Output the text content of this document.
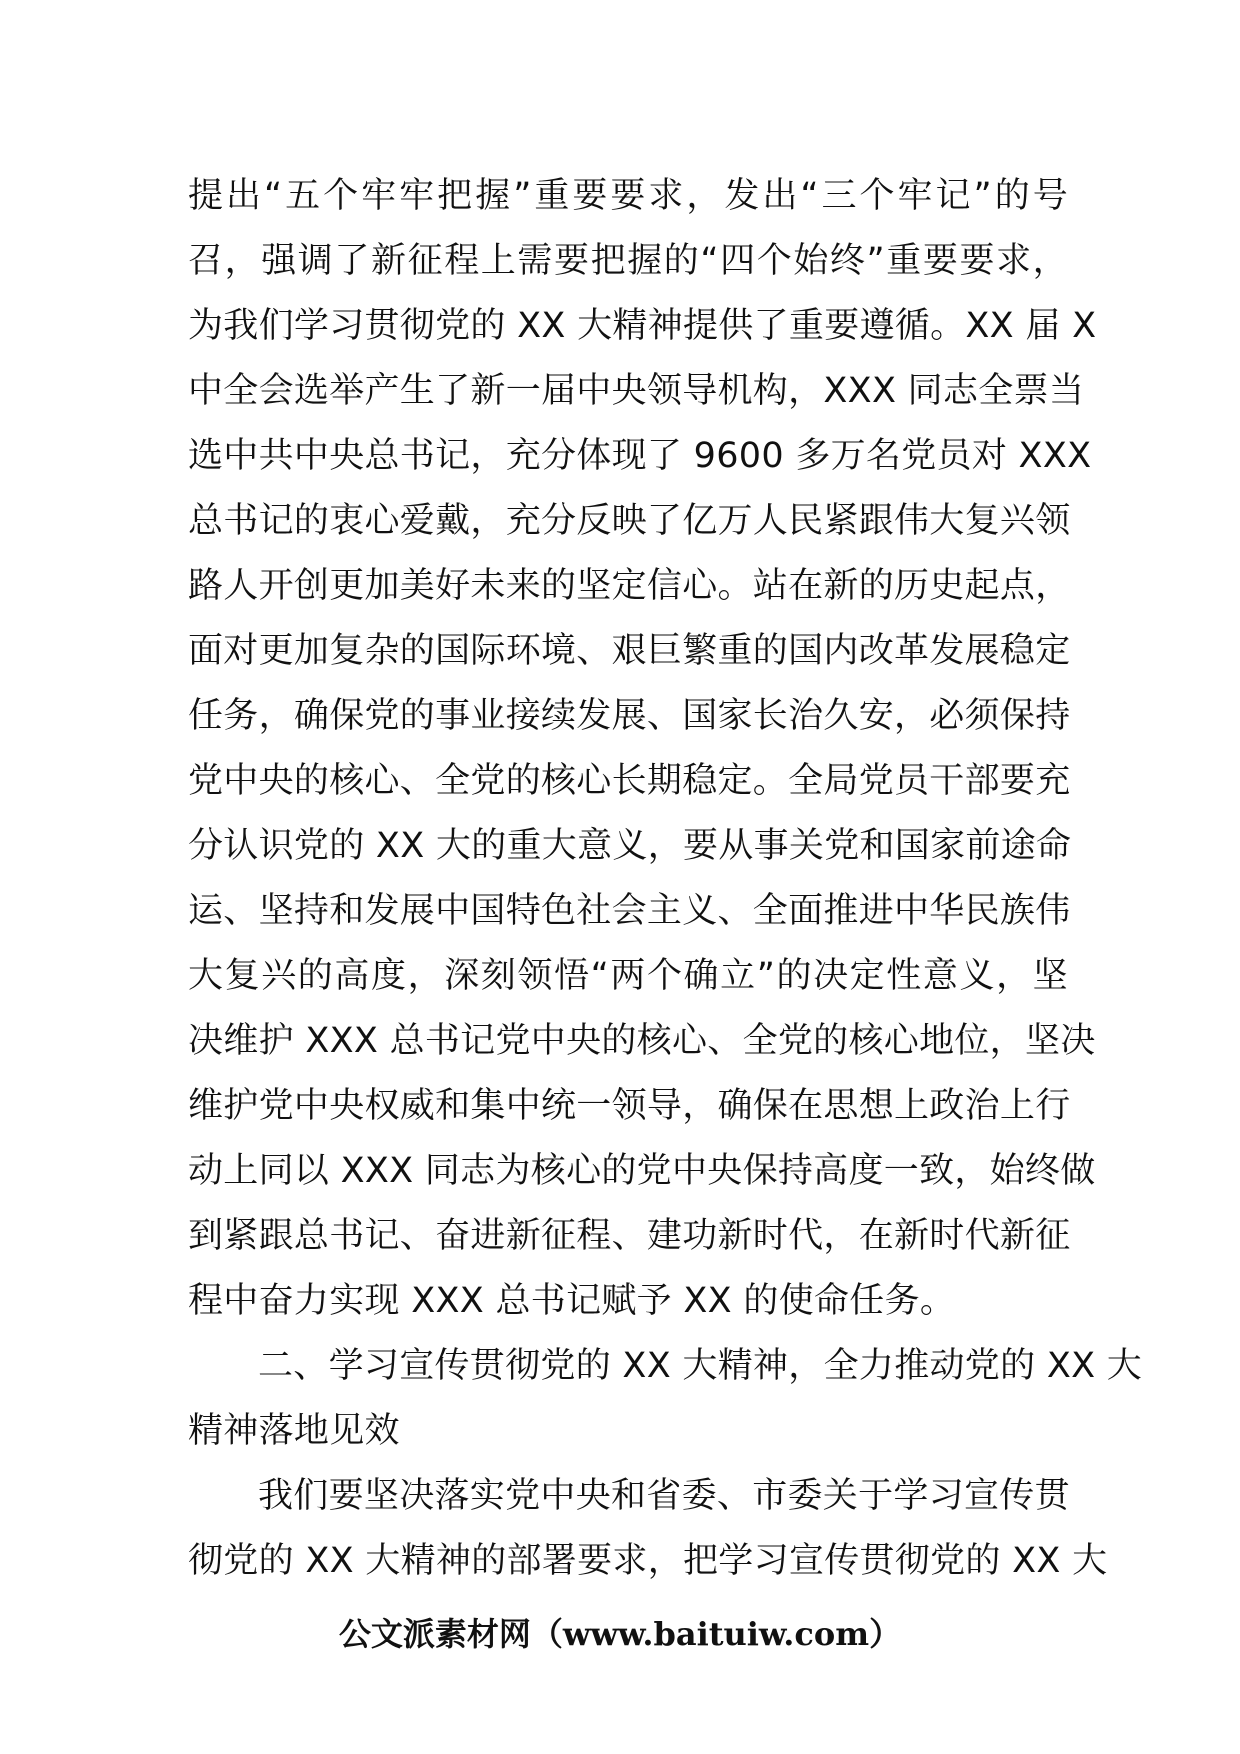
提出“五个牢牢把握”重要要求，发出“三个牢记”的号
召，强调了新征程上需要把握的“四个始终”重要要求，
为我们学习贯彻党的 XX 大精神提供了重要遵循。XX 届 X
中全会选举产生了新一届中央领导机构，XXX 同志全票当
选中共中央总书记，充分体现了 9600 多万名党员对 XXX
总书记的衷心爱戴，充分反映了亿万人民紧跟伟大复兴领
路人开创更加美好未来的坚定信心。站在新的历史起点，
面对更加复杂的国际环境、艰巨繁重的国内改革发展稳定
任务，确保党的事业接续发展、国家长治久安，必须保持
党中央的核心、全党的核心长期稳定。全局党员干部要充
分认识党的 XX 大的重大意义，要从事关党和国家前途命
运、坚持和发展中国特色社会主义、全面推进中华民族伟
大复兴的高度，深刻领悟“两个确立”的决定性意义，坚
决维护 XXX 总书记党中央的核心、全党的核心地位，坚决
维护党中央权威和集中统一领导，确保在思想上政治上行
动上同以 XXX 同志为核心的党中央保持高度一致，始终做
到紧跟总书记、奋进新征程、建功新时代，在新时代新征
程中奋力实现 XXX 总书记赋予 XX 的使命任务。
二、学习宣传贯彻党的 XX 大精神，全力推动党的 XX 大
精神落地见效
我们要坚决落实党中央和省委、市委关于学习宣传贯
彻党的 XX 大精神的部署要求，把学习宣传贯彻党的 XX 大
公文派素材网（www.baituiw.com）
